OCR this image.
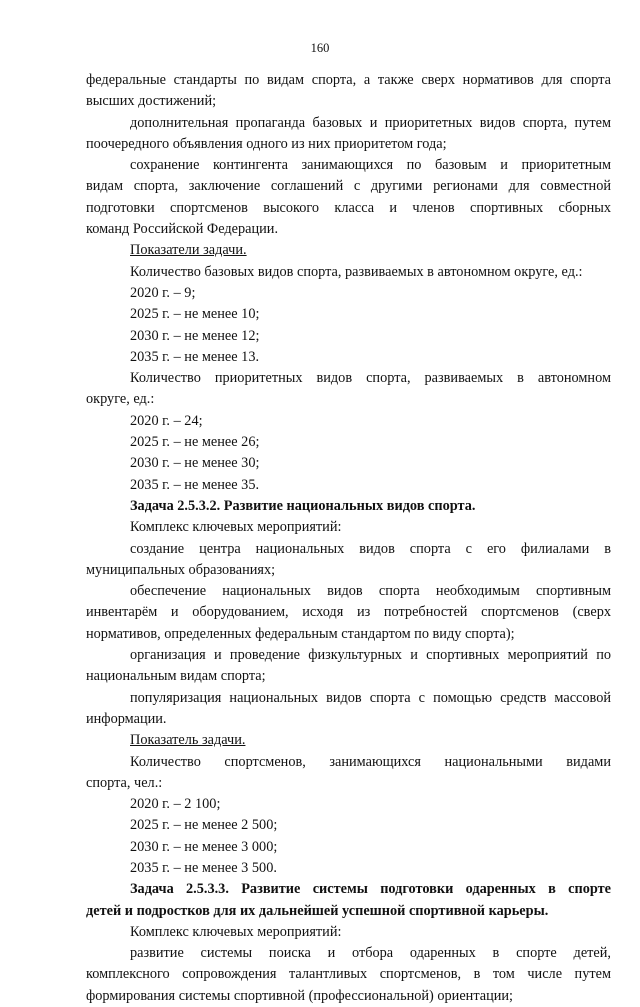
160
федеральные стандарты по видам спорта, а также сверх нормативов для спорта
высших достижений;
дополнительная пропаганда базовых и приоритетных видов спорта, путем
поочередного объявления одного из них приоритетом года;
сохранение контингента занимающихся по базовым и приоритетным
видам спорта, заключение соглашений с другими регионами для совместной
подготовки спортсменов высокого класса и членов спортивных сборных
команд Российской Федерации.
Показатели задачи.
Количество базовых видов спорта, развиваемых в автономном округе, ед.:
2020 г. – 9;
2025 г. – не менее 10;
2030 г. – не менее 12;
2035 г. – не менее 13.
Количество приоритетных видов спорта, развиваемых в автономном
округе, ед.:
2020 г. – 24;
2025 г. – не менее 26;
2030 г. – не менее 30;
2035 г. – не менее 35.
Задача 2.5.3.2. Развитие национальных видов спорта.
Комплекс ключевых мероприятий:
создание центра национальных видов спорта с его филиалами в
муниципальных образованиях;
обеспечение национальных видов спорта необходимым спортивным
инвентарём и оборудованием, исходя из потребностей спортсменов (сверх
нормативов, определенных федеральным стандартом по виду спорта);
организация и проведение физкультурных и спортивных мероприятий по
национальным видам спорта;
популяризация национальных видов спорта с помощью средств массовой
информации.
Показатель задачи.
Количество спортсменов, занимающихся национальными видами
спорта, чел.:
2020 г. – 2 100;
2025 г. – не менее 2 500;
2030 г. – не менее 3 000;
2035 г. – не менее 3 500.
Задача 2.5.3.3. Развитие системы подготовки одаренных в спорте
детей и подростков для их дальнейшей успешной спортивной карьеры.
Комплекс ключевых мероприятий:
развитие системы поиска и отбора одаренных в спорте детей,
комплексного сопровождения талантливых спортсменов, в том числе путем
формирования системы спортивной (профессиональной) ориентации;
